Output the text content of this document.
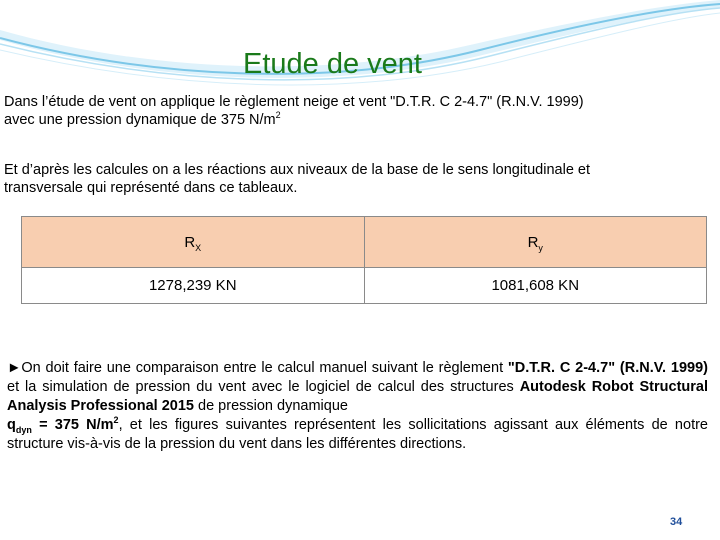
Etude de vent

Dans l’étude de vent on applique le règlement neige et vent "D.T.R. C 2-4.7" (R.N.V. 1999)
avec une pression dynamique de 375 $N/m^2$

Et d’après les calcules on a les réactions aux niveaux de la base de le sens longitudinale et
transversale qui représenté dans ce tableaux.

$R_X$	$R_y$
1278,239 KN	1081,608 KN

►On doit faire une comparaison entre le calcul manuel suivant le règlement "D.T.R. C 2-4.7" (R.N.V. 1999) et la simulation de pression du vent avec le logiciel de calcul des structures Autodesk Robot Structural Analysis Professional 2015 de pression dynamique
$q_{dyn} = 375$ $N/m^2$, et les figures suivantes représentent les sollicitations agissant aux éléments de notre structure vis-à-vis de la pression du vent dans les différentes directions.

34
